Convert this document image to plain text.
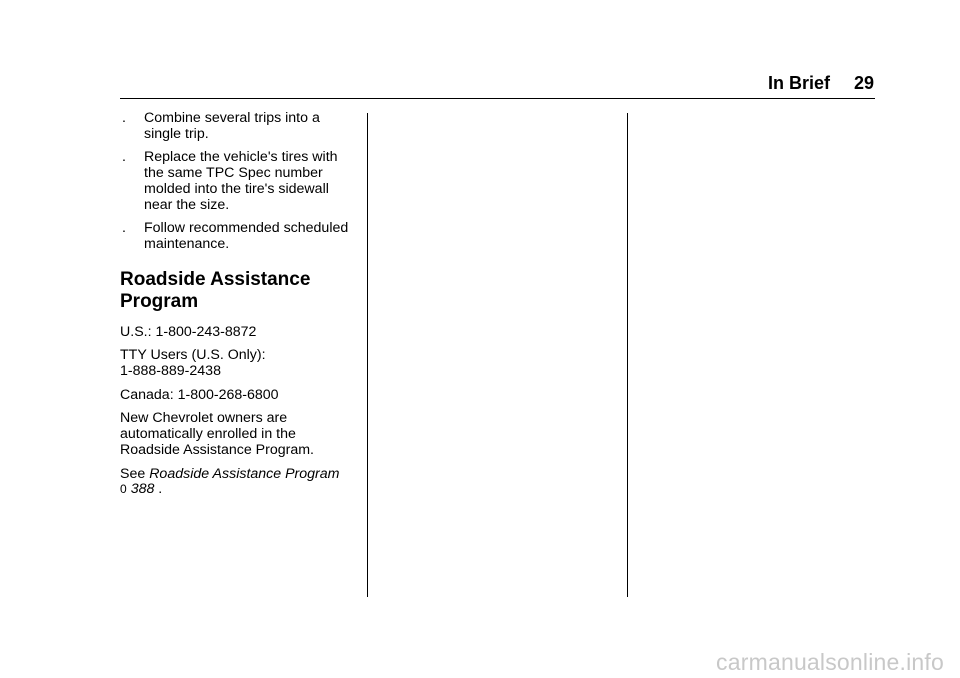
In Brief 29
. Combine several trips into a
single trip.
. Replace the vehicle's tires with
the same TPC Spec number
molded into the tire's sidewall
near the size.
. Follow recommended scheduled
maintenance.
Roadside Assistance
Program

U.S.: 1-800-243-8872

TTY Users (U.S. Only):
1-888-889-2438

Canada: 1-800-268-6800

New Chevrolet owners are
automatically enrolled in the
Roadside Assistance Program.

See Roadside Assistance Program
0 388 .

carmanualsonline.info
